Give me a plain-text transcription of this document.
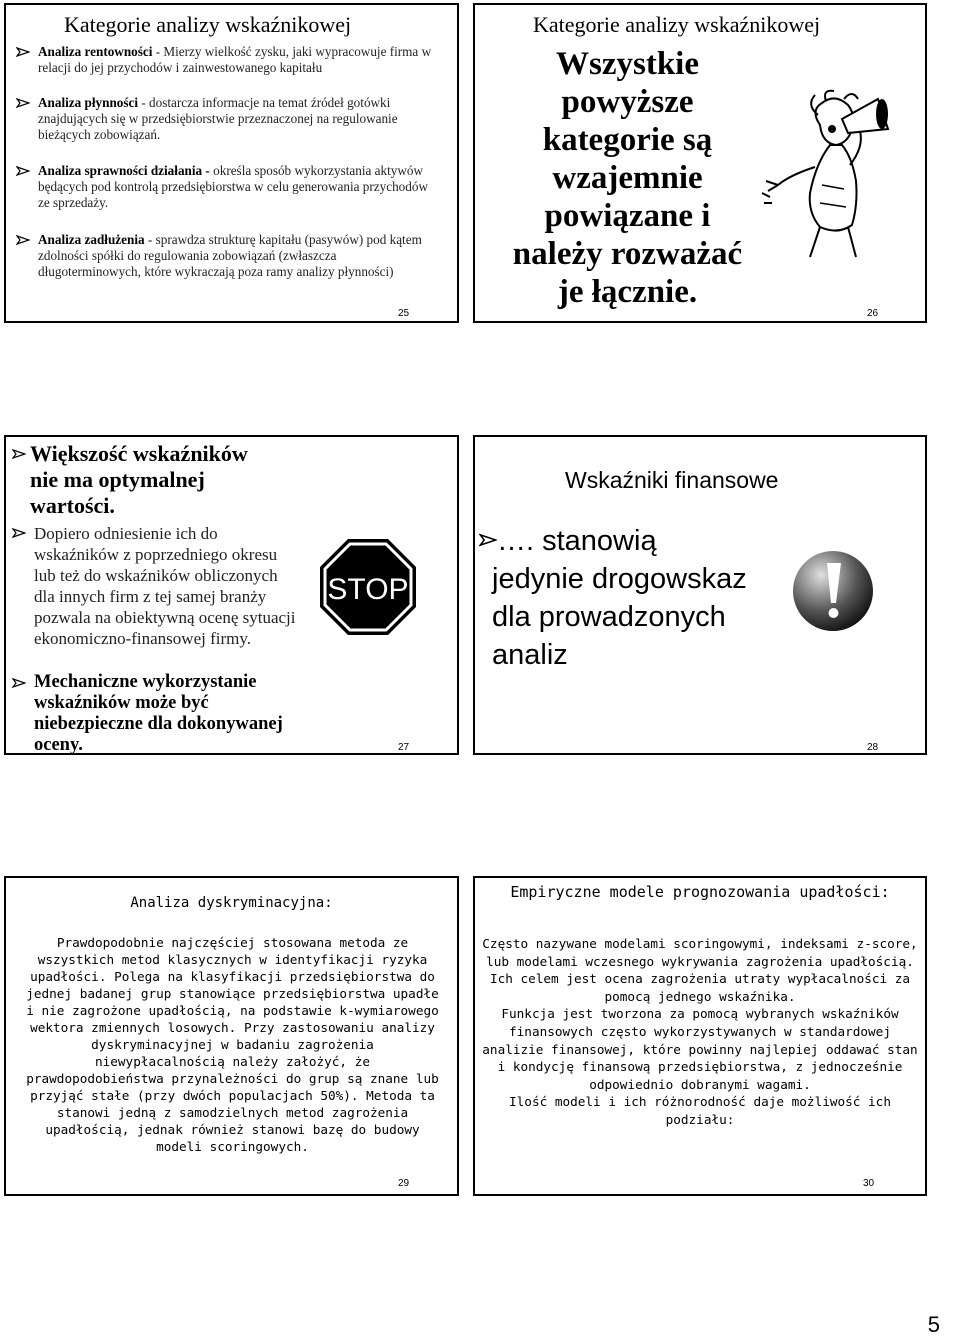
Kategorie analizy wskaźnikowej
Analiza rentowności - Mierzy wielkość zysku, jaki wypracowuje firma w relacji do jej przychodów i zainwestowanego kapitału
Analiza płynności - dostarcza informacje na temat źródeł gotówki znajdujących się w przedsiębiorstwie przeznaczonej na regulowanie bieżących zobowiązań.
Analiza sprawności działania - określa sposób wykorzystania aktywów będących pod kontrolą przedsiębiorstwa w celu generowania przychodów ze sprzedaży.
Analiza zadłużenia - sprawdza strukturę kapitału (pasywów) pod kątem zdolności spółki do regulowania zobowiązań (zwłaszcza długoterminowych, które wykraczają poza ramy analizy płynności)
25
Kategorie analizy wskaźnikowej
Wszystkie
powyższe
kategorie są
wzajemnie
powiązane i
należy rozważać
je łącznie.
26
Większość wskaźników
nie ma optymalnej
wartości.
Dopiero odniesienie ich do wskaźników z poprzedniego okresu lub też do wskaźników obliczonych dla innych firm z tej samej branży pozwala na obiektywną ocenę sytuacji ekonomiczno-finansowej firmy.
Mechaniczne wykorzystanie wskaźników może być niebezpieczne dla dokonywanej oceny.
STOP
27
Wskaźniki finansowe
…. stanowią
jedynie drogowskaz
dla prowadzonych
analiz
28
Analiza dyskryminacyjna:
Prawdopodobnie najczęściej stosowana metoda ze wszystkich metod klasycznych w identyfikacji ryzyka upadłości. Polega na klasyfikacji przedsiębiorstwa do jednej badanej grup stanowiące przedsiębiorstwa upadłe i nie zagrożone upadłością, na podstawie k-wymiarowego wektora zmiennych losowych. Przy zastosowaniu analizy dyskryminacyjnej w badaniu zagrożenia niewypłacalnością należy założyć, że prawdopodobieństwa przynależności do grup są znane lub przyjąć stałe (przy dwóch populacjach 50%). Metoda ta stanowi jedną z samodzielnych metod zagrożenia upadłością, jednak również stanowi bazę do budowy modeli scoringowych.
29
Empiryczne modele prognozowania upadłości:
Często nazywane modelami scoringowymi, indeksami z-score, lub modelami wczesnego wykrywania zagrożenia upadłością.
Ich celem jest ocena zagrożenia utraty wypłacalności za pomocą jednego wskaźnika.
Funkcja jest tworzona za pomocą wybranych wskaźników finansowych często wykorzystywanych w standardowej analizie finansowej, które powinny najlepiej oddawać stan i kondycję finansową przedsiębiorstwa, z jednocześnie odpowiednio dobranymi wagami.
Ilość modeli i ich różnorodność daje możliwość ich podziału:
30
5
